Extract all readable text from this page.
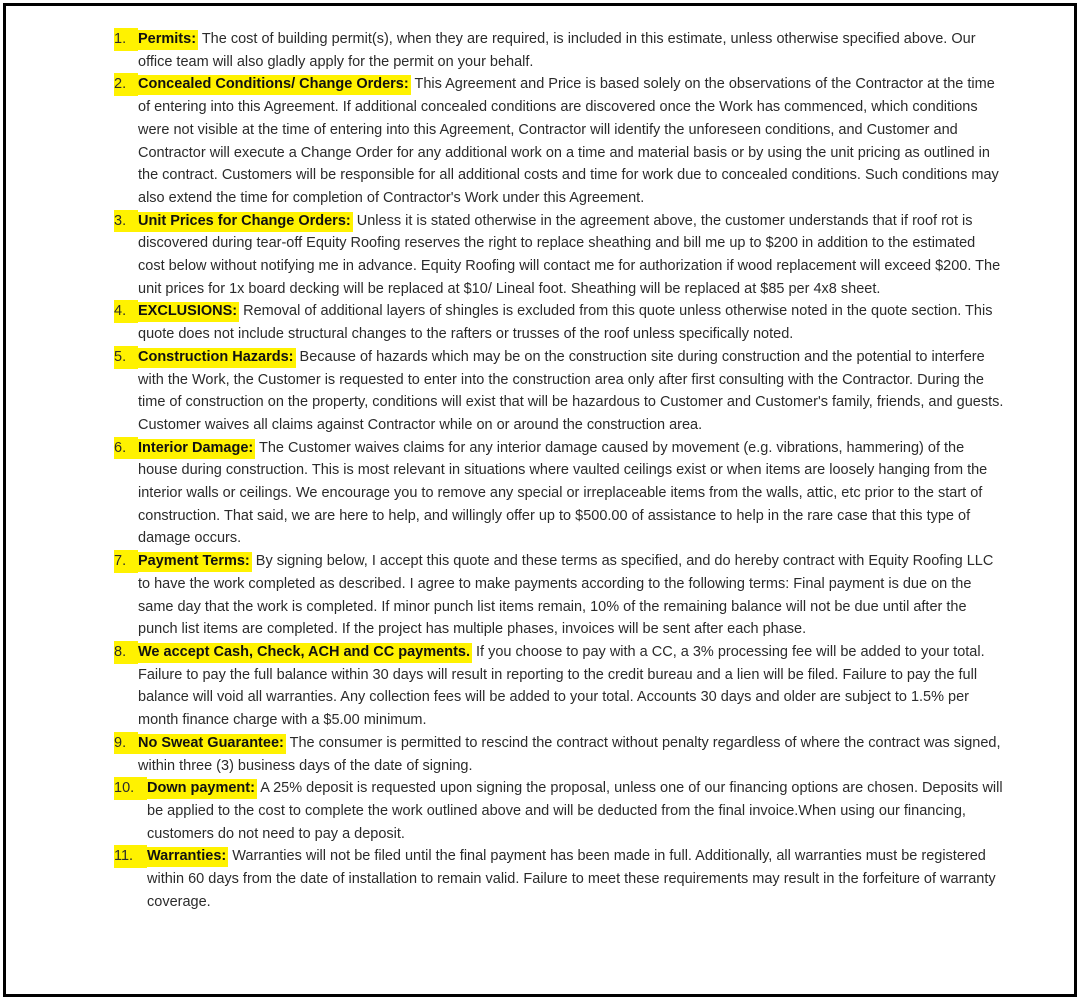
1. Permits: The cost of building permit(s), when they are required, is included in this estimate, unless otherwise specified above. Our office team will also gladly apply for the permit on your behalf.
2. Concealed Conditions/ Change Orders: This Agreement and Price is based solely on the observations of the Contractor at the time of entering into this Agreement. If additional concealed conditions are discovered once the Work has commenced, which conditions were not visible at the time of entering into this Agreement, Contractor will identify the unforeseen conditions, and Customer and Contractor will execute a Change Order for any additional work on a time and material basis or by using the unit pricing as outlined in the contract. Customers will be responsible for all additional costs and time for work due to concealed conditions. Such conditions may also extend the time for completion of Contractor's Work under this Agreement.
3. Unit Prices for Change Orders: Unless it is stated otherwise in the agreement above, the customer understands that if roof rot is discovered during tear-off Equity Roofing reserves the right to replace sheathing and bill me up to $200 in addition to the estimated cost below without notifying me in advance. Equity Roofing will contact me for authorization if wood replacement will exceed $200. The unit prices for 1x board decking will be replaced at $10/ Lineal foot. Sheathing will be replaced at $85 per 4x8 sheet.
4. EXCLUSIONS: Removal of additional layers of shingles is excluded from this quote unless otherwise noted in the quote section. This quote does not include structural changes to the rafters or trusses of the roof unless specifically noted.
5. Construction Hazards: Because of hazards which may be on the construction site during construction and the potential to interfere with the Work, the Customer is requested to enter into the construction area only after first consulting with the Contractor. During the time of construction on the property, conditions will exist that will be hazardous to Customer and Customer's family, friends, and guests. Customer waives all claims against Contractor while on or around the construction area.
6. Interior Damage: The Customer waives claims for any interior damage caused by movement (e.g. vibrations, hammering) of the house during construction. This is most relevant in situations where vaulted ceilings exist or when items are loosely hanging from the interior walls or ceilings. We encourage you to remove any special or irreplaceable items from the walls, attic, etc prior to the start of construction. That said, we are here to help, and willingly offer up to $500.00 of assistance to help in the rare case that this type of damage occurs.
7. Payment Terms: By signing below, I accept this quote and these terms as specified, and do hereby contract with Equity Roofing LLC to have the work completed as described. I agree to make payments according to the following terms: Final payment is due on the same day that the work is completed. If minor punch list items remain, 10% of the remaining balance will not be due until after the punch list items are completed. If the project has multiple phases, invoices will be sent after each phase.
8. We accept Cash, Check, ACH and CC payments. If you choose to pay with a CC, a 3% processing fee will be added to your total. Failure to pay the full balance within 30 days will result in reporting to the credit bureau and a lien will be filed. Failure to pay the full balance will void all warranties. Any collection fees will be added to your total. Accounts 30 days and older are subject to 1.5% per month finance charge with a $5.00 minimum.
9. No Sweat Guarantee: The consumer is permitted to rescind the contract without penalty regardless of where the contract was signed, within three (3) business days of the date of signing.
10. Down payment: A 25% deposit is requested upon signing the proposal, unless one of our financing options are chosen. Deposits will be applied to the cost to complete the work outlined above and will be deducted from the final invoice.When using our financing, customers do not need to pay a deposit.
11. Warranties: Warranties will not be filed until the final payment has been made in full. Additionally, all warranties must be registered within 60 days from the date of installation to remain valid. Failure to meet these requirements may result in the forfeiture of warranty coverage.
